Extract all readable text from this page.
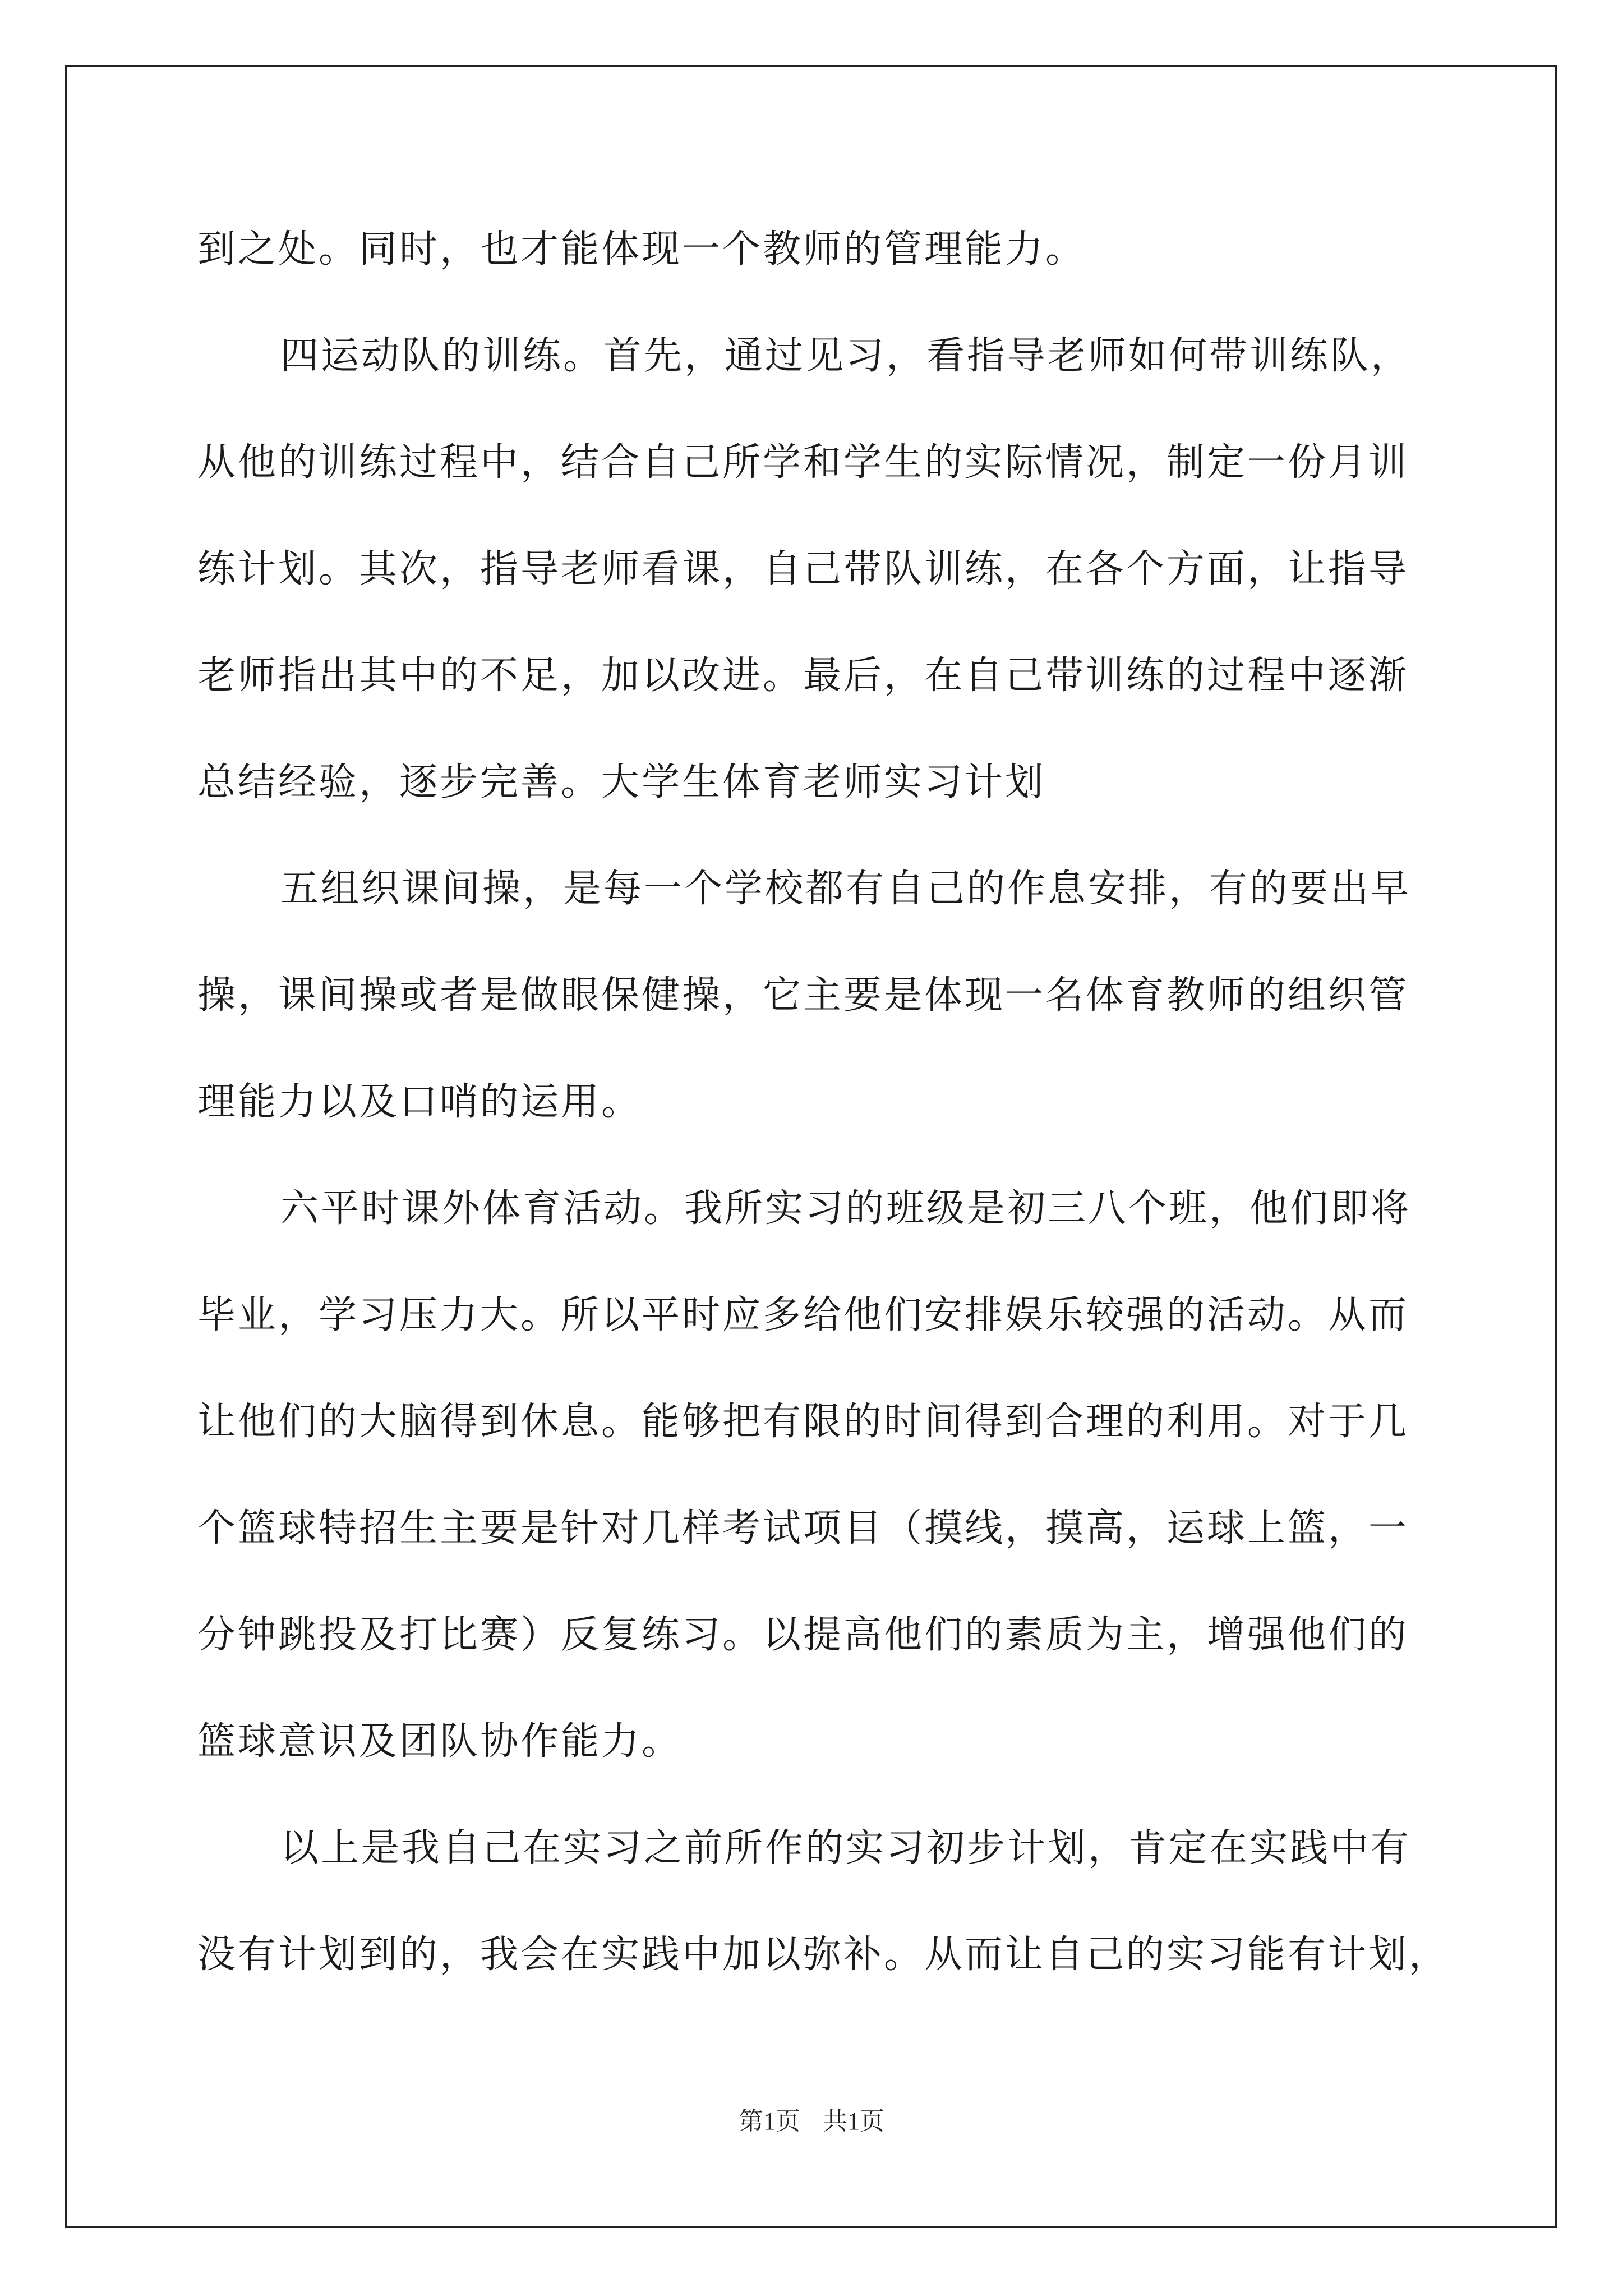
到之处。同时，也才能体现一个教师的管理能力。
四运动队的训练。首先，通过见习，看指导老师如何带训练队，
从他的训练过程中，结合自己所学和学生的实际情况，制定一份月训
练计划。其次，指导老师看课，自己带队训练，在各个方面，让指导
老师指出其中的不足，加以改进。最后，在自己带训练的过程中逐渐
总结经验，逐步完善。大学生体育老师实习计划
五组织课间操，是每一个学校都有自己的作息安排，有的要出早
操，课间操或者是做眼保健操，它主要是体现一名体育教师的组织管
理能力以及口哨的运用。
六平时课外体育活动。我所实习的班级是初三八个班，他们即将
毕业，学习压力大。所以平时应多给他们安排娱乐较强的活动。从而
让他们的大脑得到休息。能够把有限的时间得到合理的利用。对于几
个篮球特招生主要是针对几样考试项目（摸线，摸高，运球上篮，一
分钟跳投及打比赛）反复练习。以提高他们的素质为主，增强他们的
篮球意识及团队协作能力。
以上是我自己在实习之前所作的实习初步计划，肯定在实践中有
没有计划到的，我会在实践中加以弥补。从而让自己的实习能有计划，
第1页 共1页
